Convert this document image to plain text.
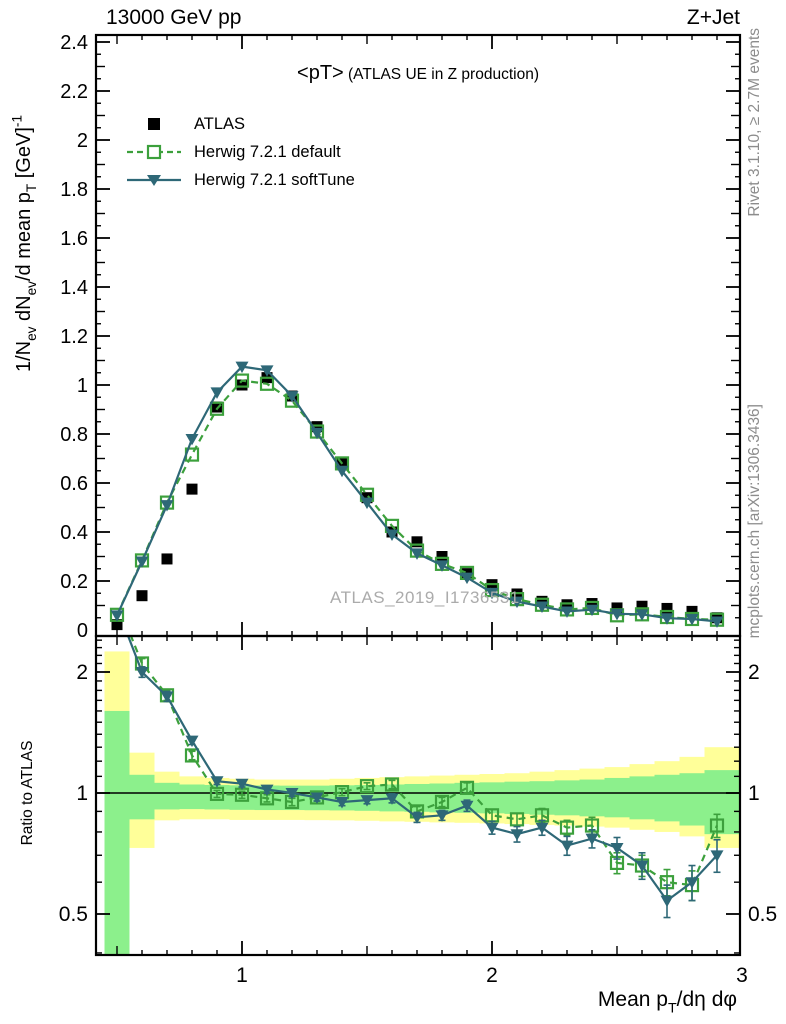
0
0.2
0.4
0.6
0.8
1
1.2
1.4
1.6
1.8
2
2.2
2.4
0.5	0.5
1	1
2	2
1	2	3
$1/N_{ev}$ $dN_{ev}/d$ mean $p_T$ [GeV]$^{-1}$
Ratio to ATLAS
Mean $p_T/d\eta$ dφ
13000 GeV pp	Z+Jet
<pT> (ATLAS UE in Z production)
ATLAS
Herwig 7.2.1 default
Herwig 7.2.1 softTune
ATLAS_2019_I1736531
Rivet 3.1.10, ≥ 2.7M events
mcplots.cern.ch [arXiv:1306.3436]
